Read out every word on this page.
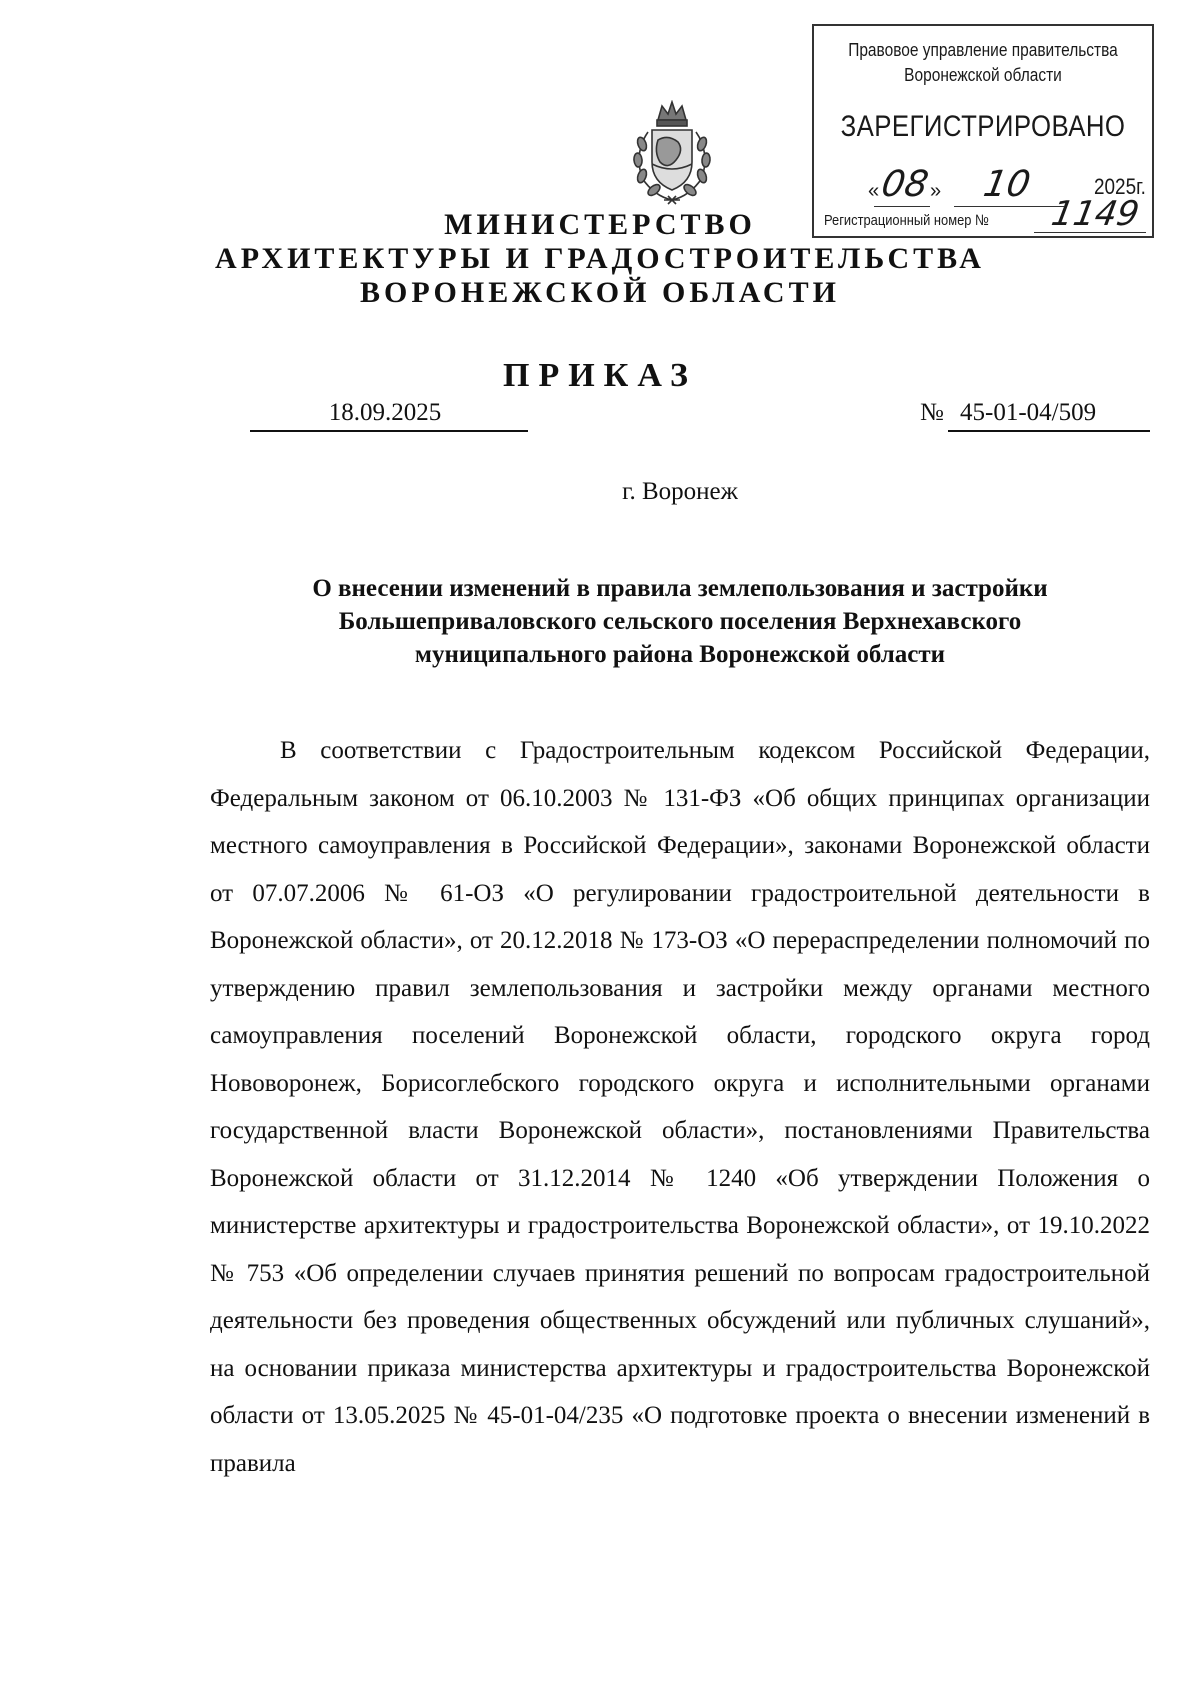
Правовое управление правительства
Воронежской области
ЗАРЕГИСТРИРОВАНО
« 08
» 10	2025г.
Регистрационный номер № 1149
МИНИСТЕРСТВО
АРХИТЕКТУРЫ И ГРАДОСТРОИТЕЛЬСТВА
ВОРОНЕЖСКОЙ ОБЛАСТИ
ПРИКАЗ
18.09.2025	№ 45-01-04/509
г. Воронеж
О внесении изменений в правила землепользования и застройки
Большеприваловского сельского поселения Верхнехавского
муниципального района Воронежской области
В соответствии с Градостроительным кодексом Российской Федерации, Федеральным законом от 06.10.2003 № 131-ФЗ «Об общих принципах организации местного самоуправления в Российской Федерации», законами Воронежской области от 07.07.2006 № 61-ОЗ «О регулировании градостроительной деятельности в Воронежской области», от 20.12.2018 № 173-ОЗ «О перераспределении полномочий по утверждению правил землепользования и застройки между органами местного самоуправления поселений Воронежской области, городского округа город Нововоронеж, Борисоглебского городского округа и исполнительными органами государственной власти Воронежской области», постановлениями Правительства Воронежской области от 31.12.2014 № 1240 «Об утверждении Положения о министерстве архитектуры и градостроительства Воронежской области», от 19.10.2022 № 753 «Об определении случаев принятия решений по вопросам градостроительной деятельности без проведения общественных обсуждений или публичных слушаний», на основании приказа министерства архитектуры и градостроительства Воронежской области от 13.05.2025 № 45-01-04/235 «О подготовке проекта о внесении изменений в правила
